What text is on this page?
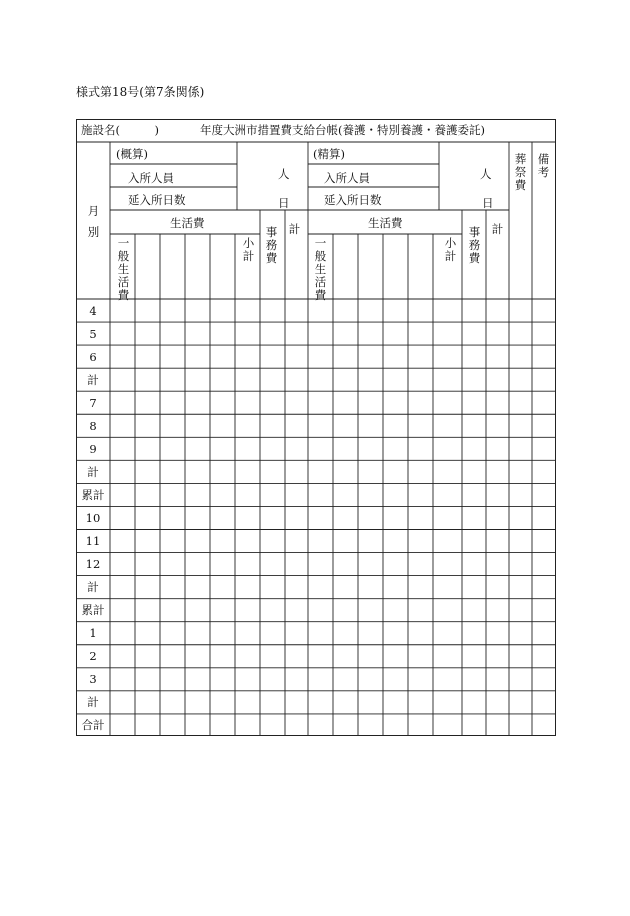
様式第18号(第7条関係)
施設名(　　　)	年度大洲市措置費支給台帳(養護・特別養護・養護委託)
月別
(概算)
入所人員
延入所日数
人
日
生活費
一般生活費
小計
事務費
計
(精算)
入所人員
延入所日数
人
日
生活費
一般生活費
小計
事務費
計
葬祭費
備考
4
5
6
計
7
8
9
計
累計
10
11
12
計
累計
1
2
3
計
合計
